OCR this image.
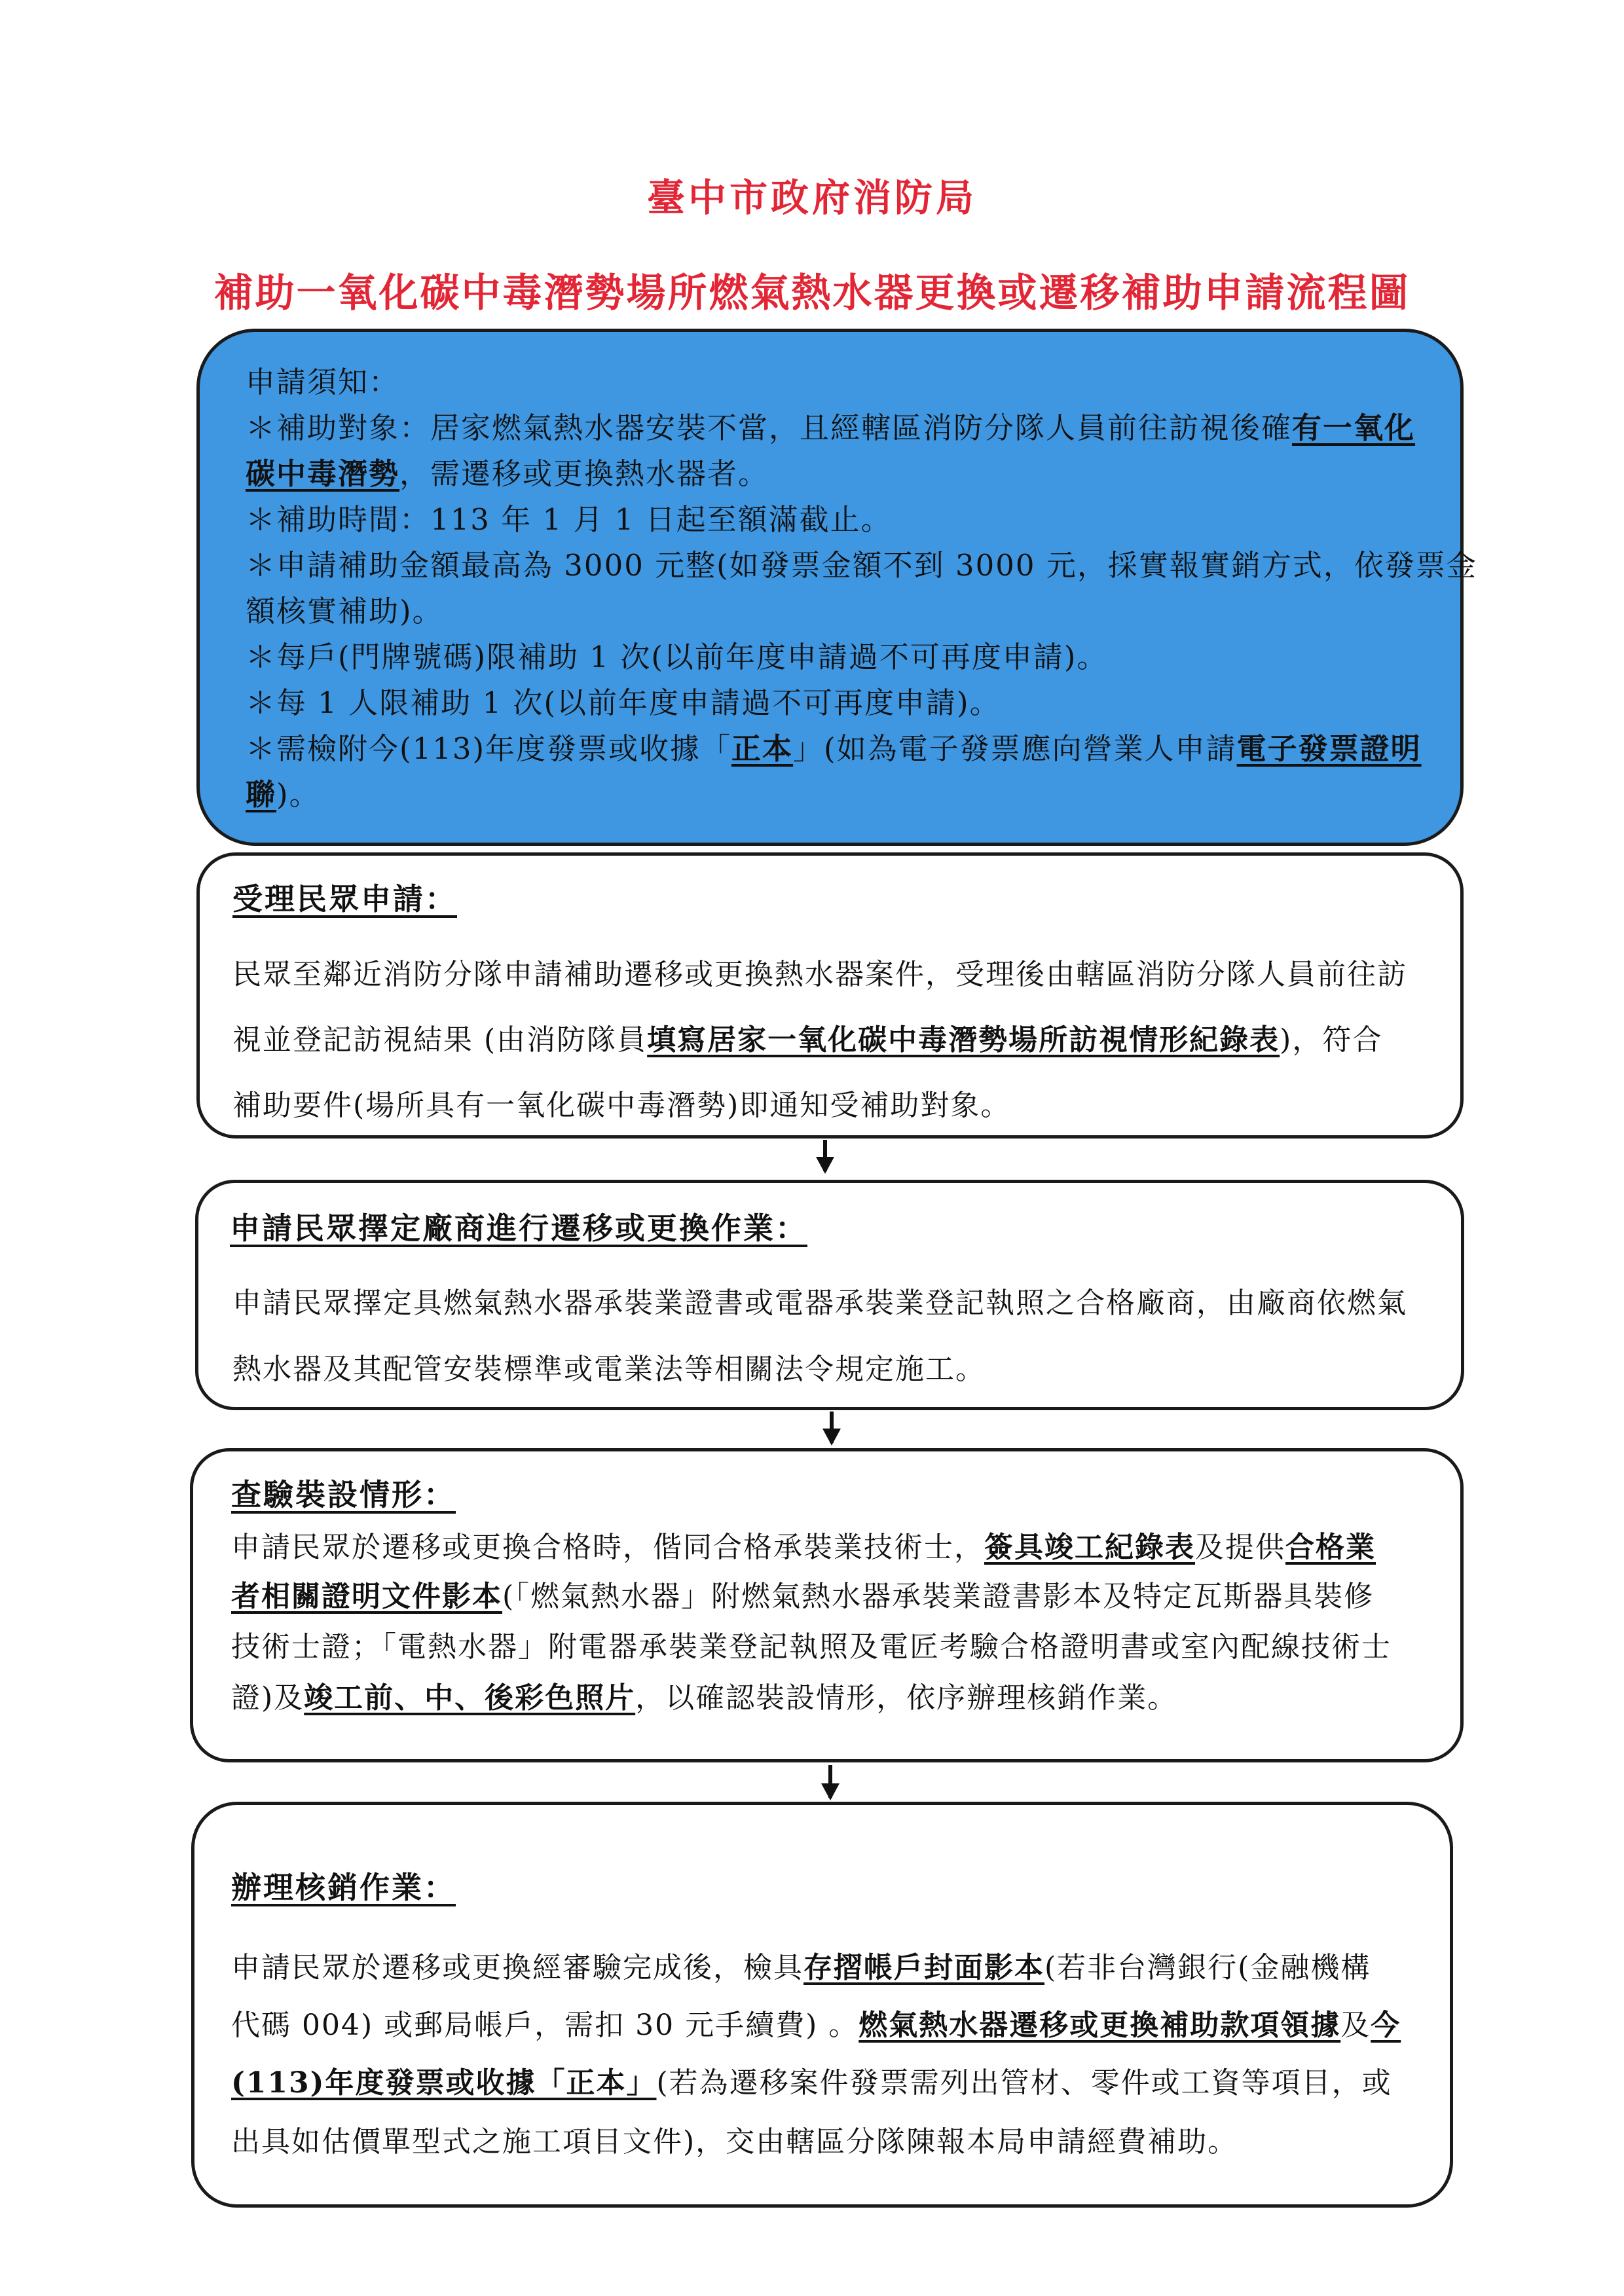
臺中市政府消防局
補助一氧化碳中毒潛勢場所燃氣熱水器更換或遷移補助申請流程圖
申請須知：
＊補助對象：居家燃氣熱水器安裝不當，且經轄區消防分隊人員前往訪視後確有一氧化
碳中毒潛勢，需遷移或更換熱水器者。
＊補助時間：113 年 1 月 1 日起至額滿截止。
＊申請補助金額最高為 3000 元整(如發票金額不到 3000 元，採實報實銷方式，依發票金
額核實補助)。
＊每戶(門牌號碼)限補助 1 次(以前年度申請過不可再度申請)。
＊每 1 人限補助 1 次(以前年度申請過不可再度申請)。
＊需檢附今(113)年度發票或收據「正本」(如為電子發票應向營業人申請電子發票證明
聯)。
受理民眾申請：
民眾至鄰近消防分隊申請補助遷移或更換熱水器案件，受理後由轄區消防分隊人員前往訪
視並登記訪視結果 (由消防隊員填寫居家一氧化碳中毒潛勢場所訪視情形紀錄表)，符合
補助要件(場所具有一氧化碳中毒潛勢)即通知受補助對象。
申請民眾擇定廠商進行遷移或更換作業：
申請民眾擇定具燃氣熱水器承裝業證書或電器承裝業登記執照之合格廠商，由廠商依燃氣
熱水器及其配管安裝標準或電業法等相關法令規定施工。
查驗裝設情形：
申請民眾於遷移或更換合格時，偕同合格承裝業技術士，簽具竣工紀錄表及提供合格業
者相關證明文件影本(「燃氣熱水器」附燃氣熱水器承裝業證書影本及特定瓦斯器具裝修
技術士證；「電熱水器」附電器承裝業登記執照及電匠考驗合格證明書或室內配線技術士
證)及竣工前、中、後彩色照片，以確認裝設情形，依序辦理核銷作業。
辦理核銷作業：
申請民眾於遷移或更換經審驗完成後，檢具存摺帳戶封面影本(若非台灣銀行(金融機構
代碼 004) 或郵局帳戶，需扣 30 元手續費) 。燃氣熱水器遷移或更換補助款項領據及今
(113)年度發票或收據「正本」(若為遷移案件發票需列出管材、零件或工資等項目，或
出具如估價單型式之施工項目文件)，交由轄區分隊陳報本局申請經費補助。
